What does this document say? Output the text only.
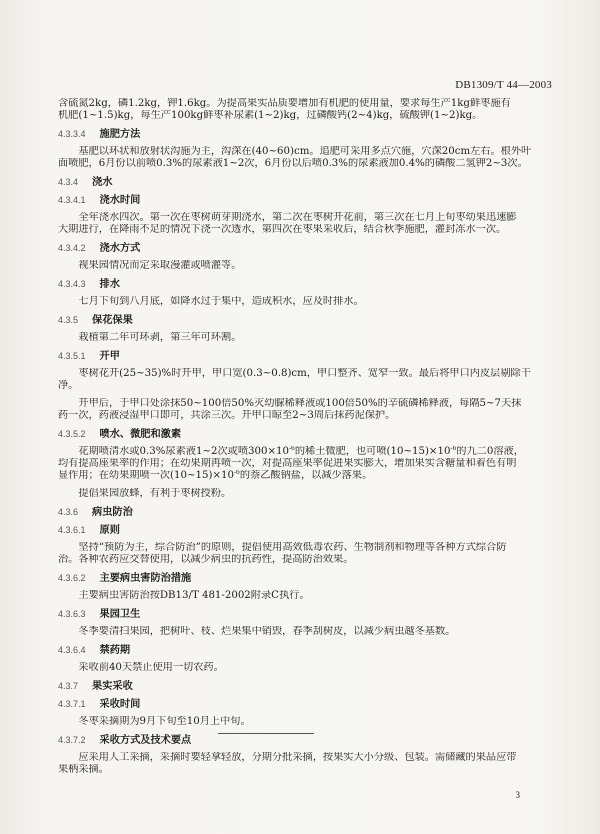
DB1309/T 44—2003
含硫氮2kg，磷1.2kg，钾1.6kg。为提高果实品质要增加有机肥的使用量，要求每生产1kg鲜枣施有
机肥(1~1.5)kg，每生产100kg鲜枣补尿素(1~2)kg，过磷酸钙(2~4)kg，硫酸钾(1~2)kg。
4.3.3.4 施肥方法
基肥以环状和放射状沟施为主，沟深在(40~60)cm。追肥可采用多点穴施，穴深20cm左右。根外叶
面喷肥，6月份以前喷0.3%的尿素液1~2次，6月份以后喷0.3%的尿素液加0.4%的磷酸二氢钾2~3次。
4.3.4 浇水
4.3.4.1 浇水时间
全年浇水四次。第一次在枣树萌芽期浇水，第二次在枣树开花前，第三次在七月上旬枣幼果迅速膨
大期进行，在降雨不足的情况下浇一次透水，第四次在枣果采收后，结合秋季施肥，灌封冻水一次。
4.3.4.2 浇水方式
视果园情况而定采取漫灌或喷灌等。
4.3.4.3 排水
七月下旬到八月底，如降水过于集中，造成积水，应及时排水。
4.3.5 保花保果
栽植第二年可环剥，第三年可环割。
4.3.5.1 开甲
枣树花开(25~35)%时开甲，甲口宽(0.3~0.8)cm，甲口整齐、宽窄一致。最后将甲口内皮层剔除干
净。
开甲后，于甲口处涂抹50~100倍50%灭幼脲稀释液或100倍50%的辛硫磷稀释液，每隔5~7天抹
药一次，药液浸湿甲口即可，共涂三次。开甲口晾至2~3周后抹药泥保护。
4.3.5.2 喷水、微肥和激素
花期喷清水或0.3%尿素液1~2次或喷$300\times 10^{-6}$的稀土微肥，也可喷$(10\sim 15)\times 10^{-6}$的九二0溶液，
均有提高座果率的作用；在幼果期再喷一次，对提高座果率促进果实膨大，增加果实含糖量和着色有明
显作用；在幼果期喷一次$(10\sim 15)\times 10^{-6}$的萘乙酸钠盐，以减少落果。
提倡果园放蜂，有利于枣树授粉。
4.3.6 病虫防治
4.3.6.1 原则
坚持“预防为主，综合防治”的原则，提倡使用高效低毒农药、生物制剂和物理等各种方式综合防
治。各种农药应交替使用，以减少病虫的抗药性，提高防治效果。
4.3.6.2 主要病虫害防治措施
主要病虫害防治按DB13/T 481-2002附录C执行。
4.3.6.3 果园卫生
冬季要清扫果园，把树叶、枝、烂果集中销毁，春季刮树皮，以减少病虫越冬基数。
4.3.6.4 禁药期
采收前40天禁止使用一切农药。
4.3.7 果实采收
4.3.7.1 采收时间
冬枣采摘期为9月下旬至10月上中旬。
4.3.7.2 采收方式及技术要点
应采用人工采摘，采摘时要轻拿轻放，分期分批采摘，按果实大小分级、包装。需储藏的果品应带
果柄采摘。
3
